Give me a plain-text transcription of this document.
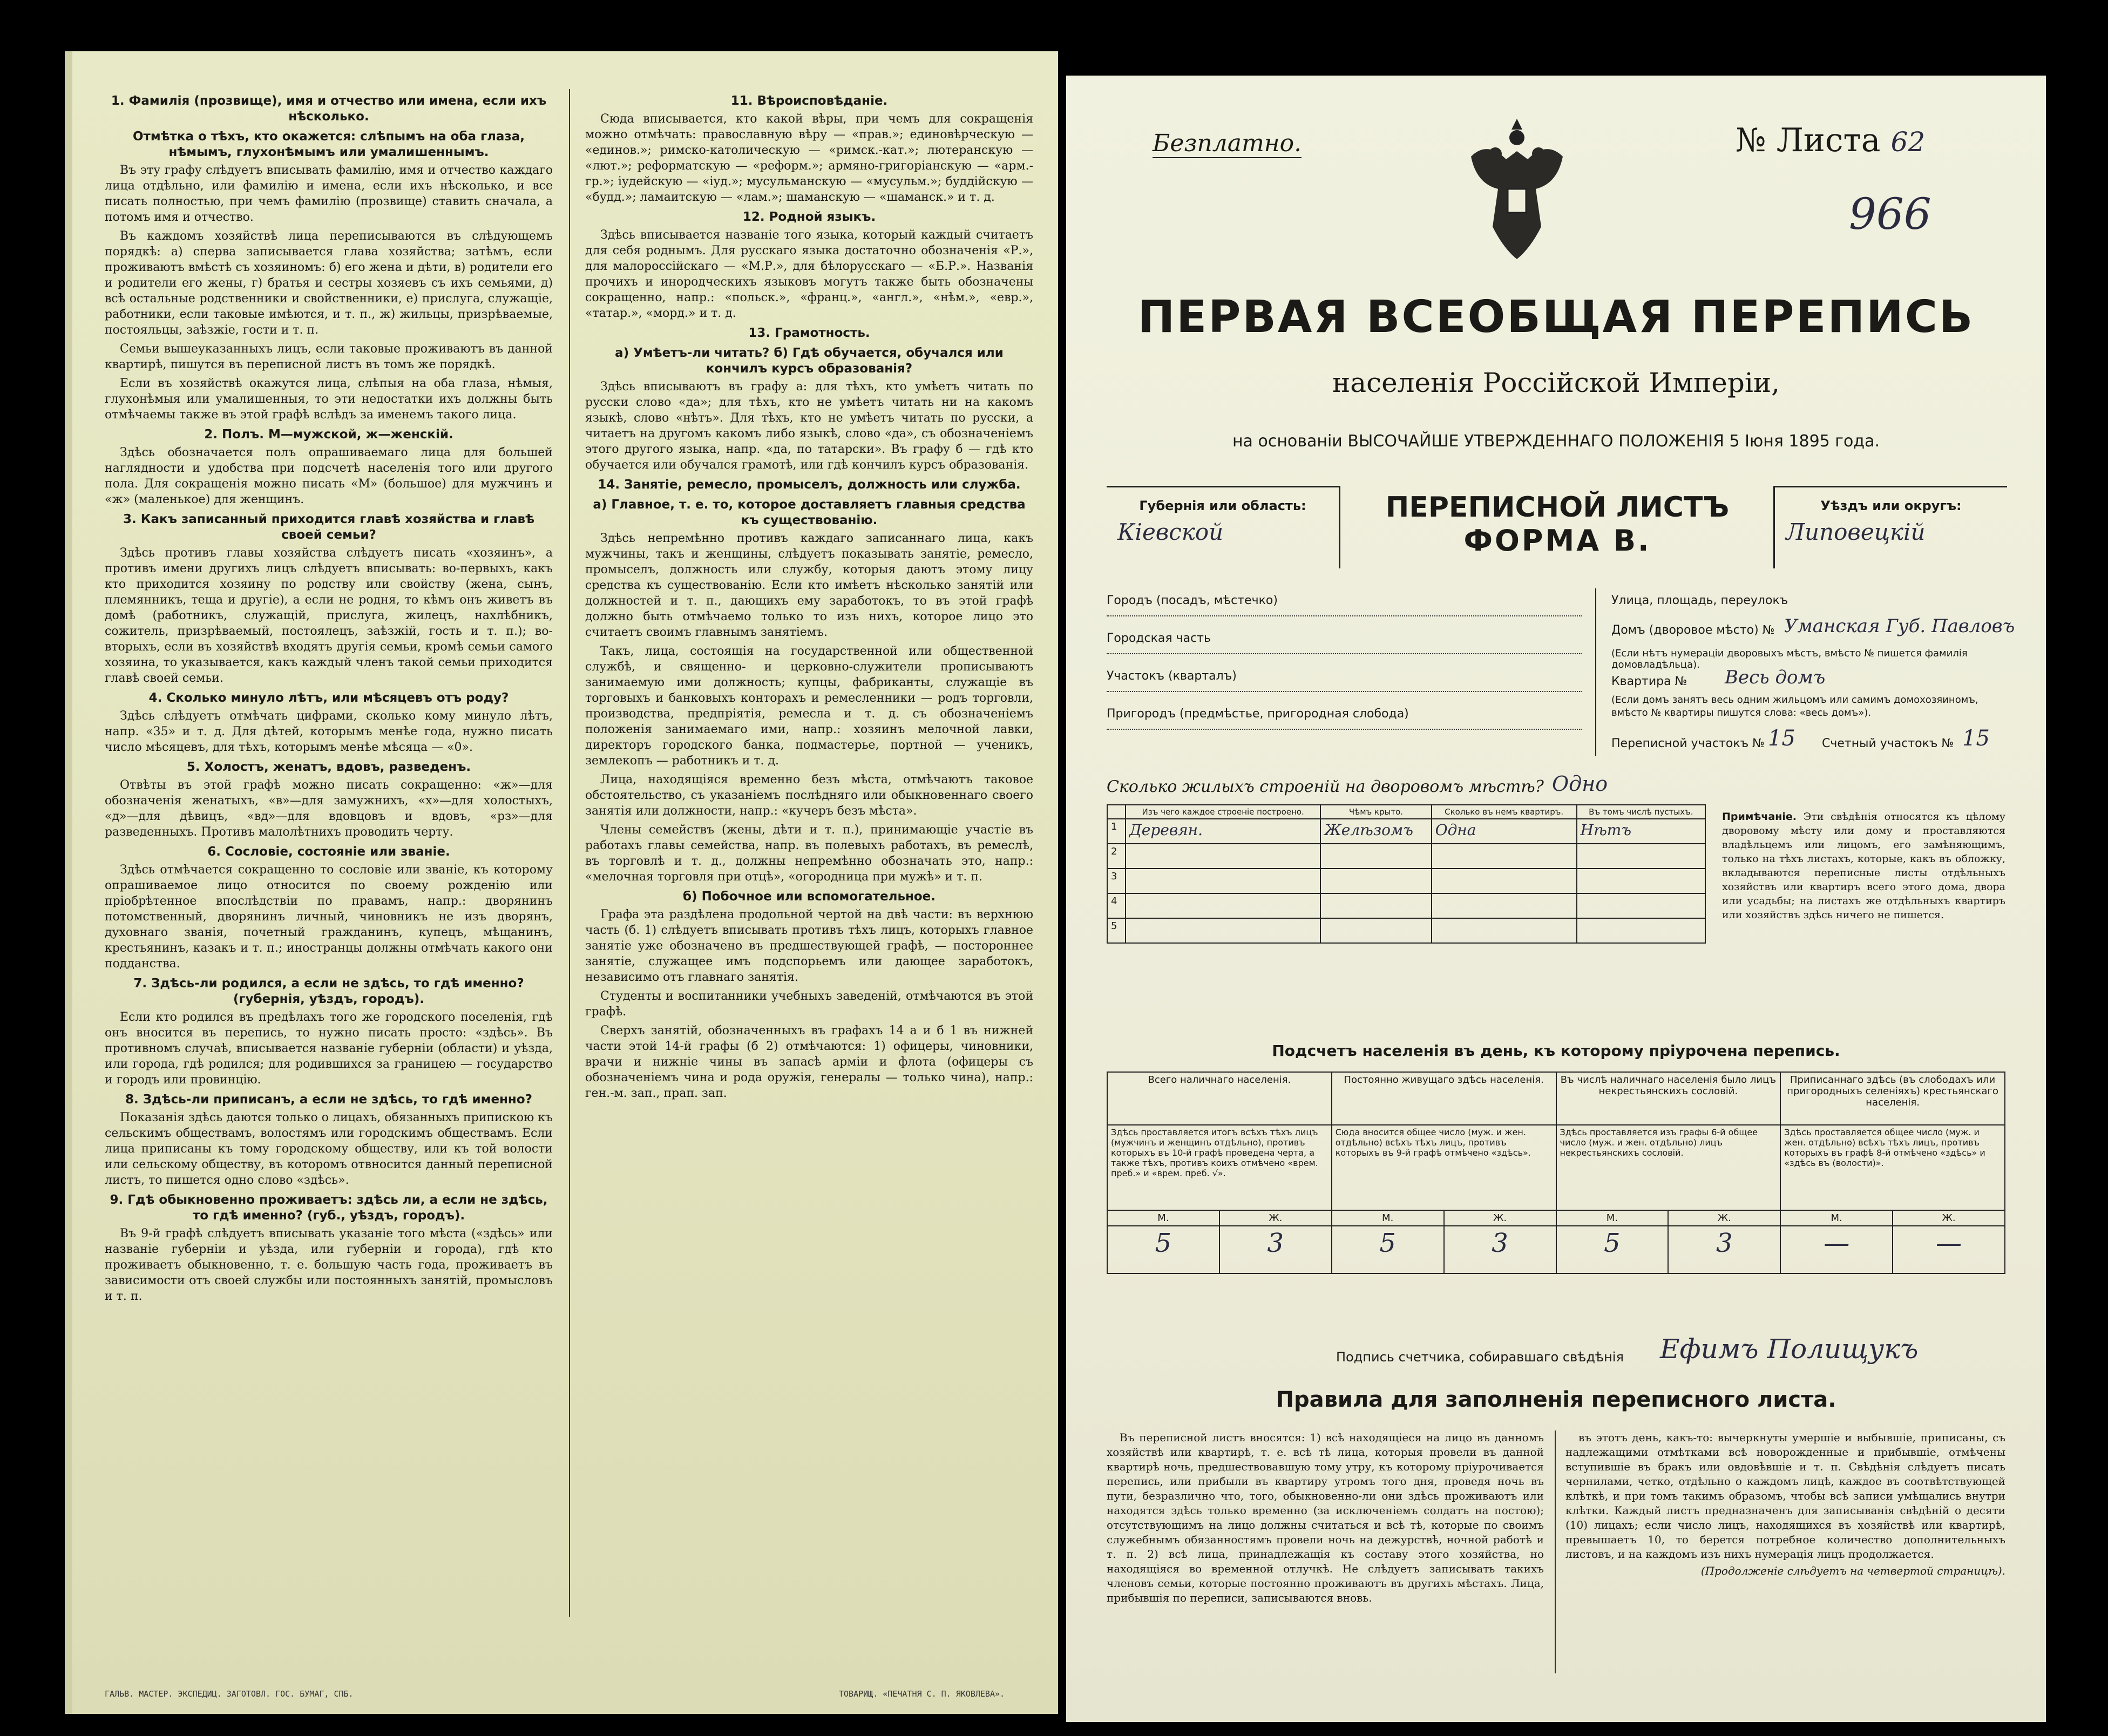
1. Фамилія (прозвище), имя и отчество или имена, если ихъ нѣсколько.
Отмѣтка о тѣхъ, кто окажется: слѣпымъ на оба глаза, нѣмымъ, глухонѣмымъ или умалишеннымъ.

Въ эту графу слѣдуетъ вписывать фамилію, имя и отчество каждаго лица отдѣльно, или фамилію и имена, если ихъ нѣсколько, и все писать полностью, при чемъ фамилію (прозвище) ставить сначала, а потомъ имя и отчество.

Въ каждомъ хозяйствѣ лица переписываются въ слѣдующемъ порядкѣ: а) сперва записывается глава хозяйства; затѣмъ, если проживаютъ вмѣстѣ съ хозяиномъ: б) его жена и дѣти, в) родители его и родители его жены, г) братья и сестры хозяевъ съ ихъ семьями, д) всѣ остальные родственники и свойственники, е) прислуга, служащіе, работники, если таковые имѣются, и т. п., ж) жильцы, призрѣваемые, постояльцы, заѣзжіе, гости и т. п.

Семьи вышеуказанныхъ лицъ, если таковые проживаютъ въ данной квартирѣ, пишутся въ переписной листъ въ томъ же порядкѣ.

Если въ хозяйствѣ окажутся лица, слѣпыя на оба глаза, нѣмыя, глухонѣмыя или умалишенныя, то эти недостатки ихъ должны быть отмѣчаемы также въ этой графѣ вслѣдъ за именемъ такого лица.

2. Полъ. М—мужской, ж—женскій.

Здѣсь обозначается полъ опрашиваемаго лица для большей наглядности и удобства при подсчетѣ населенія того или другого пола. Для сокращенія можно писать «М» (большое) для мужчинъ и «ж» (маленькое) для женщинъ.

3. Какъ записанный приходится главѣ хозяйства и главѣ своей семьи?

Здѣсь противъ главы хозяйства слѣдуетъ писать «хозяинъ», а противъ имени другихъ лицъ слѣдуетъ вписывать: во-первыхъ, какъ кто приходится хозяину по родству или свойству (жена, сынъ, племянникъ, теща и другіе), а если не родня, то кѣмъ онъ живетъ въ домѣ (работникъ, служащій, прислуга, жилецъ, нахлѣбникъ, сожитель, призрѣваемый, постоялецъ, заѣзжій, гость и т. п.); во-вторыхъ, если въ хозяйствѣ входятъ другія семьи, кромѣ семьи самого хозяина, то указывается, какъ каждый членъ такой семьи приходится главѣ своей семьи.

4. Сколько минуло лѣтъ, или мѣсяцевъ отъ роду?

Здѣсь слѣдуетъ отмѣчать цифрами, сколько кому минуло лѣтъ, напр. «35» и т. д. Для дѣтей, которымъ менѣе года, нужно писать число мѣсяцевъ, для тѣхъ, которымъ менѣе мѣсяца — «0».

5. Холостъ, женатъ, вдовъ, разведенъ.

Отвѣты въ этой графѣ можно писать сокращенно: «ж»—для обозначенія женатыхъ, «в»—для замужнихъ, «х»—для холостыхъ, «д»—для дѣвицъ, «вд»—для вдовцовъ и вдовъ, «рз»—для разведенныхъ. Противъ малолѣтнихъ проводить черту.

6. Сословіе, состояніе или званіе.

Здѣсь отмѣчается сокращенно то сословіе или званіе, къ которому опрашиваемое лицо относится по своему рожденію или пріобрѣтенное впослѣдствіи по правамъ, напр.: дворянинъ потомственный, дворянинъ личный, чиновникъ не изъ дворянъ, духовнаго званія, почетный гражданинъ, купецъ, мѣщанинъ, крестьянинъ, казакъ и т. п.; иностранцы должны отмѣчать какого они подданства.

7. Здѣсь-ли родился, а если не здѣсь, то гдѣ именно? (губернія, уѣздъ, городъ).

Если кто родился въ предѣлахъ того же городского поселенія, гдѣ онъ вносится въ перепись, то нужно писать просто: «здѣсь». Въ противномъ случаѣ, вписывается названіе губерніи (области) и уѣзда, или города, гдѣ родился; для родившихся за границею — государство и городъ или провинцію.

8. Здѣсь-ли приписанъ, а если не здѣсь, то гдѣ именно?

Показанія здѣсь даются только о лицахъ, обязанныхъ припискою къ сельскимъ обществамъ, волостямъ или городскимъ обществамъ. Если лица приписаны къ тому городскому обществу, или къ той волости или сельскому обществу, въ которомъ отвносится данный переписной листъ, то пишется одно слово «здѣсь».

9. Гдѣ обыкновенно проживаетъ: здѣсь ли, а если не здѣсь, то гдѣ именно? (губ., уѣздъ, городъ).

Въ 9-й графѣ слѣдуетъ вписывать указаніе того мѣста («здѣсь» или названіе губерніи и уѣзда, или губерніи и города), гдѣ кто проживаетъ обыкновенно, т. е. большую часть года, проживаетъ въ зависимости отъ своей службы или постоянныхъ занятій, промысловъ и т. п.

11. Вѣроисповѣданіе.

Сюда вписывается, кто какой вѣры, при чемъ для сокращенія можно отмѣчать: православную вѣру — «прав.»; единовѣрческую — «единов.»; римско-католическую — «римск.-кат.»; лютеранскую — «лют.»; реформатскую — «реформ.»; армяно-григоріанскую — «арм.-гр.»; іудейскую — «іуд.»; мусульманскую — «мусульм.»; буддійскую — «будд.»; ламаитскую — «лам.»; шаманскую — «шаманск.» и т. д.

12. Родной языкъ.

Здѣсь вписывается названіе того языка, который каждый считаетъ для себя роднымъ. Для русскаго языка достаточно обозначенія «Р.», для малороссійскаго — «М.Р.», для бѣлорусскаго — «Б.Р.». Названія прочихъ и инородческихъ языковъ могутъ также быть обозначены сокращенно, напр.: «польск.», «франц.», «англ.», «нѣм.», «евр.», «татар.», «морд.» и т. д.

13. Грамотность.
а) Умѣетъ-ли читать? б) Гдѣ обучается, обучался или кончилъ курсъ образованія?

Здѣсь вписываютъ въ графу а: для тѣхъ, кто умѣетъ читать по русски слово «да»; для тѣхъ, кто не умѣетъ читать ни на какомъ языкѣ, слово «нѣтъ». Для тѣхъ, кто не умѣетъ читать по русски, а читаетъ на другомъ какомъ либо языкѣ, слово «да», съ обозначеніемъ этого другого языка, напр. «да, по татарски». Въ графу б — гдѣ кто обучается или обучался грамотѣ, или гдѣ кончилъ курсъ образованія.

14. Занятіе, ремесло, промыселъ, должность или служба.
а) Главное, т. е. то, которое доставляетъ главныя средства къ существованію.

Здѣсь непремѣнно противъ каждаго записаннаго лица, какъ мужчины, такъ и женщины, слѣдуетъ показывать занятіе, ремесло, промыселъ, должность или службу, которыя даютъ этому лицу средства къ существованію. Если кто имѣетъ нѣсколько занятій или должностей и т. п., дающихъ ему заработокъ, то въ этой графѣ должно быть отмѣчаемо только то изъ нихъ, которое лицо это считаетъ своимъ главнымъ занятіемъ.

Такъ, лица, состоящія на государственной или общественной службѣ, и священно- и церковно-служители прописываютъ занимаемую ими должность; купцы, фабриканты, служащіе въ торговыхъ и банковыхъ конторахъ и ремесленники — родъ торговли, производства, предпріятія, ремесла и т. д. съ обозначеніемъ положенія занимаемаго ими, напр.: хозяинъ мелочной лавки, директоръ городского банка, подмастерье, портной — ученикъ, землекопъ — работникъ и т. д.

Лица, находящіяся временно безъ мѣста, отмѣчаютъ таковое обстоятельство, съ указаніемъ послѣдняго или обыкновеннаго своего занятія или должности, напр.: «кучеръ безъ мѣста».

Члены семействъ (жены, дѣти и т. п.), принимающіе участіе въ работахъ главы семейства, напр. въ полевыхъ работахъ, въ ремеслѣ, въ торговлѣ и т. д., должны непремѣнно обозначать это, напр.: «мелочная торговля при отцѣ», «огородница при мужѣ» и т. п.

б) Побочное или вспомогательное.

Графа эта раздѣлена продольной чертой на двѣ части: въ верхнюю часть (б. 1) слѣдуетъ вписывать противъ тѣхъ лицъ, которыхъ главное занятіе уже обозначено въ предшествующей графѣ, — постороннее занятіе, служащее имъ подспорьемъ или дающее заработокъ, независимо отъ главнаго занятія.

Студенты и воспитанники учебныхъ заведеній, отмѣчаются въ этой графѣ.

Сверхъ занятій, обозначенныхъ въ графахъ 14 а и б 1 въ нижней части этой 14-й графы (б 2) отмѣчаются: 1) офицеры, чиновники, врачи и нижніе чины въ запасѣ арміи и флота (офицеры съ обозначеніемъ чина и рода оружія, генералы — только чина), напр.: ген.-м. зап., прап. зап.

ГАЛЬВ. МАСТЕР. ЭКСПЕДИЦ. ЗАГОТОВЛ. ГОС. БУМАГ, СПБ.	ТОВАРИЩ. «ПЕЧАТНЯ С. П. ЯКОВЛЕВА».
Безплатно.	№ Листа 62
966
ПЕРВАЯ ВСЕОБЩАЯ ПЕРЕПИСЬ
населенія Россійской Имперіи,
на основаніи ВЫСОЧАЙШЕ УТВЕРЖДЕННАГО ПОЛОЖЕНІЯ 5 Іюня 1895 года.
Губернія или область:
Кіевской
ПЕРЕПИСНОЙ ЛИСТЪ
ФОРМА В.
Уѣздъ или округъ:
Липовецкій
Городъ (посадъ, мѣстечко)
Городская часть
Участокъ (кварталъ)
Пригородъ (предмѣстье, пригородная слобода)
Улица, площадь, переулокъ
Домъ (дворовое мѣсто) № Уманская Губ. Павловъ
(Если нѣтъ нумераціи дворовыхъ мѣстъ, вмѣсто № пишется фамилія домовладѣльца).
Квартира № Весь домъ
(Если домъ занятъ весь одним жильцомъ или самимъ домохозяиномъ, вмѣсто № квартиры пишутся слова: «весь домъ»).
Переписной участокъ № 15 Счетный участокъ № 15
Сколько жилыхъ строеній на дворовомъ мѣстѣ? Одно
	Изъ чего каждое строеніе построено.	Чѣмъ крыто.	Сколько въ немъ квартиръ.	Въ томъ числѣ пустыхъ.
1	Деревян.	Желѣзомъ	Одна	Нѣтъ
2				
3				
4				
5				
Примѣчаніе. Эти свѣдѣнія относятся къ цѣлому дворовому мѣсту или дому и проставляются владѣльцемъ или лицомъ, его замѣняющимъ, только на тѣхъ листахъ, которые, какъ въ обложку, вкладываются переписные листы отдѣльныхъ хозяйствъ или квартиръ всего этого дома, двора или усадьбы; на листахъ же отдѣльныхъ квартиръ или хозяйствъ здѣсь ничего не пишется.
Подсчетъ населенія въ день, къ которому пріурочена перепись.
Всего наличнаго населенія.		Постоянно живущаго здѣсь населенія.		Въ числѣ наличнаго населенія было лицъ некрестьянскихъ сословій.		Приписаннаго здѣсь (въ слободахъ или пригородныхъ селеніяхъ) крестьянскаго населенія.	
Здѣсь проставляется итогъ всѣхъ тѣхъ лицъ (мужчинъ и женщинъ отдѣльно), противъ которыхъ въ 10-й графѣ проведена черта, а также тѣхъ, противъ коихъ отмѣчено «врем. преб.» и «врем. преб. √».		Сюда вносится общее число (муж. и жен. отдѣльно) всѣхъ тѣхъ лицъ, противъ которыхъ въ 9-й графѣ отмѣчено «здѣсь».		Здѣсь проставляется изъ графы 6-й общее число (муж. и жен. отдѣльно) лицъ некрестьянскихъ сословій.		Здѣсь проставляется общее число (муж. и жен. отдѣльно) всѣхъ тѣхъ лицъ, противъ которыхъ въ графѣ 8-й отмѣчено «здѣсь» и «здѣсь въ (волости)».	
М.	Ж.	М.	Ж.	М.	Ж.	М.	Ж.
5	3	5	3	5	3	—	—
Подпись счетчика, собиравшаго свѣдѣнія Ефимъ Полищукъ
Правила для заполненія переписного листа.

Въ переписной листъ вносятся: 1) всѣ находящіеся на лицо въ данномъ хозяйствѣ или квартирѣ, т. е. всѣ тѣ лица, которыя провели въ данной квартирѣ ночь, предшествовавшую тому утру, къ которому пріурочивается перепись, или прибыли въ квартиру утромъ того дня, проведя ночь въ пути, безразлично что, того, обыкновенно-ли они здѣсь проживаютъ или находятся здѣсь только временно (за исключеніемъ солдатъ на постою); отсутствующимъ на лицо должны считаться и всѣ тѣ, которые по своимъ служебнымъ обязанностямъ провели ночь на дежурствѣ, ночной работѣ и т. п. 2) всѣ лица, принадлежащія къ составу этого хозяйства, но находящіяся во временной отлучкѣ. Не слѣдуетъ записывать такихъ членовъ семьи, которые постоянно проживаютъ въ другихъ мѣстахъ. Лица, прибывшія по переписи, записываются вновь.

въ этотъ день, какъ-то: вычеркнуты умершіе и выбывшіе, приписаны, съ надлежащими отмѣтками всѣ новорожденные и прибывшіе, отмѣчены вступившіе въ бракъ или овдовѣвшіе и т. п. Свѣдѣнія слѣдуетъ писать чернилами, четко, отдѣльно о каждомъ лицѣ, каждое въ соотвѣтствующей клѣткѣ, и при томъ такимъ образомъ, чтобы всѣ записи умѣщались внутри клѣтки. Каждый листъ предназначенъ для записыванія свѣдѣній о десяти (10) лицахъ; если число лицъ, находящихся въ хозяйствѣ или квартирѣ, превышаетъ 10, то берется потребное количество дополнительныхъ листовъ, и на каждомъ изъ нихъ нумерація лицъ продолжается.

(Продолженіе слѣдуетъ на четвертой страницѣ).
